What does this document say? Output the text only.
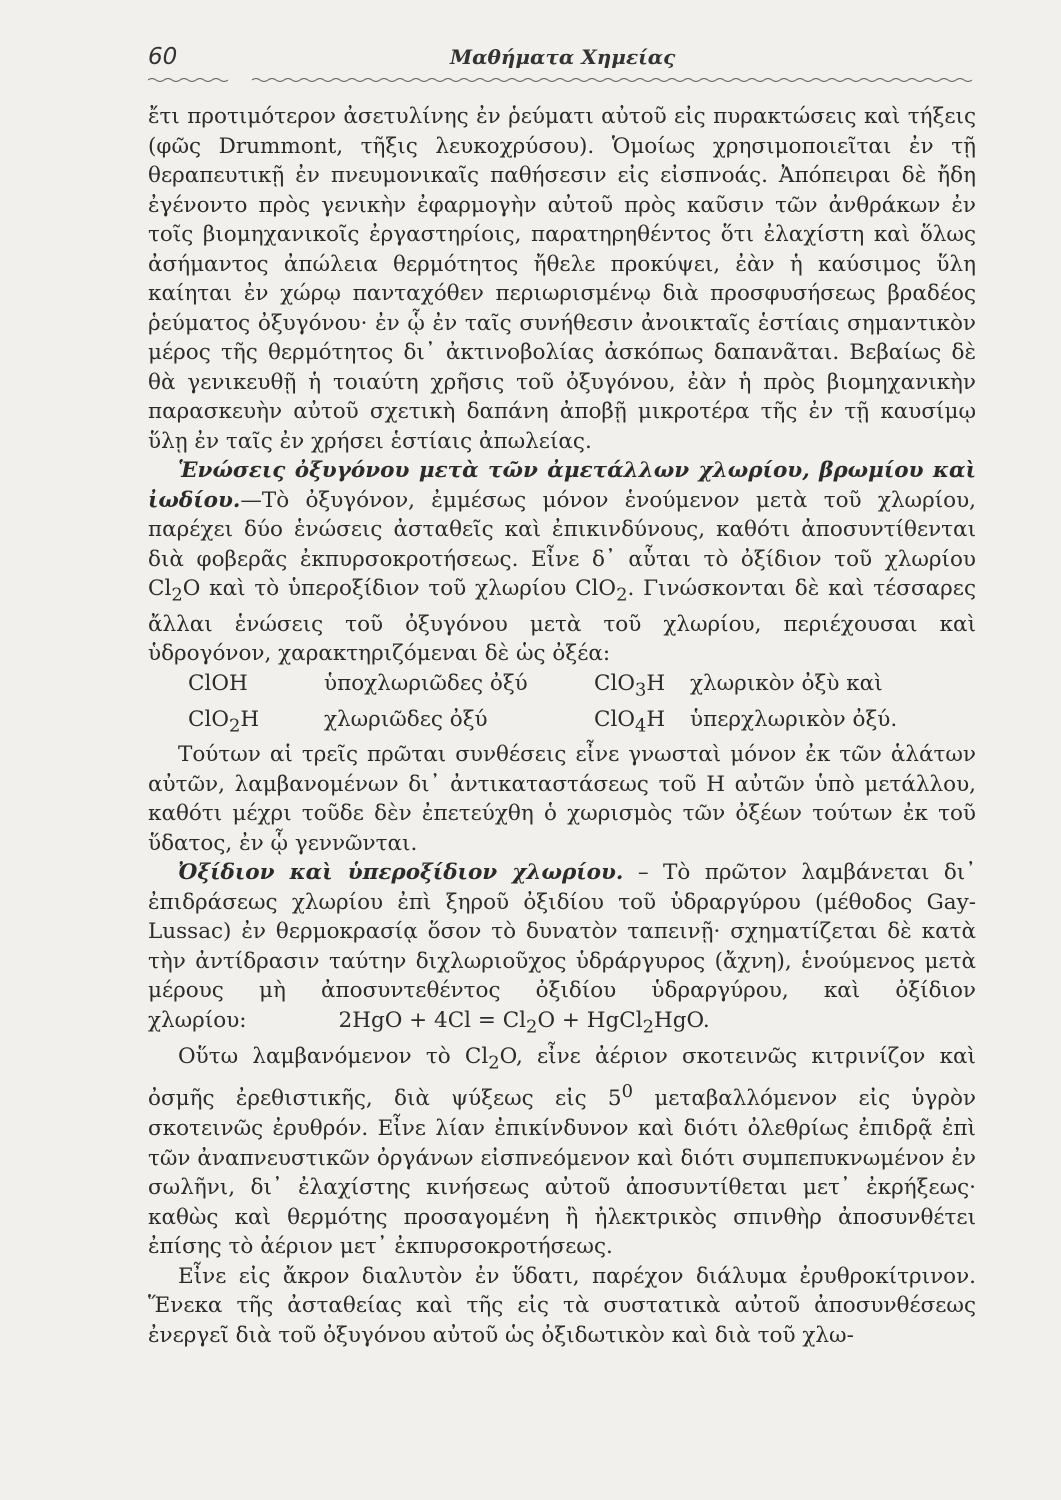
60	Μαθήματα Χημείας

ἔτι προτιμότερον ἀσετυλίνης ἐν ῥεύματι αὐτοῦ εἰς πυρακτώσεις καὶ τήξεις (φῶς Drummont, τῆξις λευκοχρύσου). Ὁμοίως χρησιμοποιεῖται ἐν τῇ θεραπευτικῇ ἐν πνευμονικαῖς παθήσεσιν εἰς εἰσπνοάς. Ἀπόπειραι δὲ ἤδη ἐγένοντο πρὸς γενικὴν ἐφαρμογὴν αὐτοῦ πρὸς καῦσιν τῶν ἀνθράκων ἐν τοῖς βιομηχανικοῖς ἐργαστηρίοις, παρατηρηθέντος ὅτι ἐλαχίστη καὶ ὅλως ἀσήμαντος ἀπώλεια θερμότητος ἤθελε προκύψει, ἐὰν ἡ καύσιμος ὕλη καίηται ἐν χώρῳ πανταχόθεν περιωρισμένῳ διὰ προσφυσήσεως βραδέος ῥεύματος ὀξυγόνου· ἐν ᾧ ἐν ταῖς συνήθεσιν ἀνοικταῖς ἑστίαις σημαντικὸν μέρος τῆς θερμότητος δι᾽ ἀκτινοβολίας ἀσκόπως δαπανᾶται. Βεβαίως δὲ θὰ γενικευθῇ ἡ τοιαύτη χρῆσις τοῦ ὀξυγόνου, ἐὰν ἡ πρὸς βιομηχανικὴν παρασκευὴν αὐτοῦ σχετικὴ δαπάνη ἀποβῇ μικροτέρα τῆς ἐν τῇ καυσίμῳ ὕλῃ ἐν ταῖς ἐν χρήσει ἑστίαις ἀπωλείας.

Ἑνώσεις ὀξυγόνου μετὰ τῶν ἀμετάλλων χλωρίου, βρωμίου καὶ ἰωδίου.—Τὸ ὀξυγόνον, ἐμμέσως μόνον ἑνούμενον μετὰ τοῦ χλωρίου, παρέχει δύο ἑνώσεις ἀσταθεῖς καὶ ἐπικινδύνους, καθότι ἀποσυντίθενται διὰ φοβερᾶς ἐκπυρσοκροτήσεως. Εἶνε δ᾽ αὗται τὸ ὀξίδιον τοῦ χλωρίου $Cl_2O$ καὶ τὸ ὑπεροξίδιον τοῦ χλωρίου ClO$_2$. Γινώσκονται δὲ καὶ τέσσαρες ἄλλαι ἑνώσεις τοῦ ὀξυγόνου μετὰ τοῦ χλωρίου, περιέχουσαι καὶ ὑδρογόνον, χαρακτηριζόμεναι δὲ ὡς ὀξέα:

ClOH	ὑποχλωριῶδες ὀξύ	ClO$_3$H	χλωρικὸν ὀξὺ καὶ
ClO$_2$H	χλωριῶδες ὀξύ	ClO$_4$H	ὑπερχλωρικὸν ὀξύ.

Τούτων αἱ τρεῖς πρῶται συνθέσεις εἶνε γνωσταὶ μόνον ἐκ τῶν ἁλάτων αὐτῶν, λαμβανομένων δι᾽ ἀντικαταστάσεως τοῦ Η αὐτῶν ὑπὸ μετάλλου, καθότι μέχρι τοῦδε δὲν ἐπετεύχθη ὁ χωρισμὸς τῶν ὀξέων τούτων ἐκ τοῦ ὕδατος, ἐν ᾧ γεννῶνται.

Ὀξίδιον καὶ ὑπεροξίδιον χλωρίου. – Τὸ πρῶτον λαμβάνεται δι᾽ ἐπιδράσεως χλωρίου ἐπὶ ξηροῦ ὀξιδίου τοῦ ὑδραργύρου (μέθοδος Gay-Lussac) ἐν θερμοκρασίᾳ ὅσον τὸ δυνατὸν ταπεινῇ· σχηματίζεται δὲ κατὰ τὴν ἀντίδρασιν ταύτην διχλωριοῦχος ὑδράργυρος (ἄχνη), ἑνούμενος μετὰ μέρους μὴ ἀποσυντεθέντος ὀξιδίου ὑδραργύρου, καὶ ὀξίδιον χλωρίου:	$2HgO + 4Cl = Cl_2O$ + HgCl$_2$HgO.

Οὕτω λαμβανόμενον τὸ $Cl_2O$, εἶνε ἀέριον σκοτεινῶς κιτρινίζον καὶ ὀσμῆς ἐρεθιστικῆς, διὰ ψύξεως εἰς $5^0$ μεταβαλλόμενον εἰς ὑγρὸν σκοτεινῶς ἐρυθρόν. Εἶνε λίαν ἐπικίνδυνον καὶ διότι ὀλεθρίως ἐπιδρᾷ ἐπὶ τῶν ἀναπνευστικῶν ὀργάνων εἰσπνεόμενον καὶ διότι συμπεπυκνωμένον ἐν σωλῆνι, δι᾽ ἐλαχίστης κινήσεως αὐτοῦ ἀποσυντίθεται μετ᾽ ἐκρήξεως· καθὼς καὶ θερμότης προσαγομένη ἢ ἠλεκτρικὸς σπινθὴρ ἀποσυνθέτει ἐπίσης τὸ ἀέριον μετ᾽ ἐκπυρσοκροτήσεως.

Εἶνε εἰς ἄκρον διαλυτὸν ἐν ὕδατι, παρέχον διάλυμα ἐρυθροκίτρινον. Ἕνεκα τῆς ἀσταθείας καὶ τῆς εἰς τὰ συστατικὰ αὐτοῦ ἀποσυνθέσεως ἐνεργεῖ διὰ τοῦ ὀξυγόνου αὐτοῦ ὡς ὀξιδωτικὸν καὶ διὰ τοῦ χλω-
